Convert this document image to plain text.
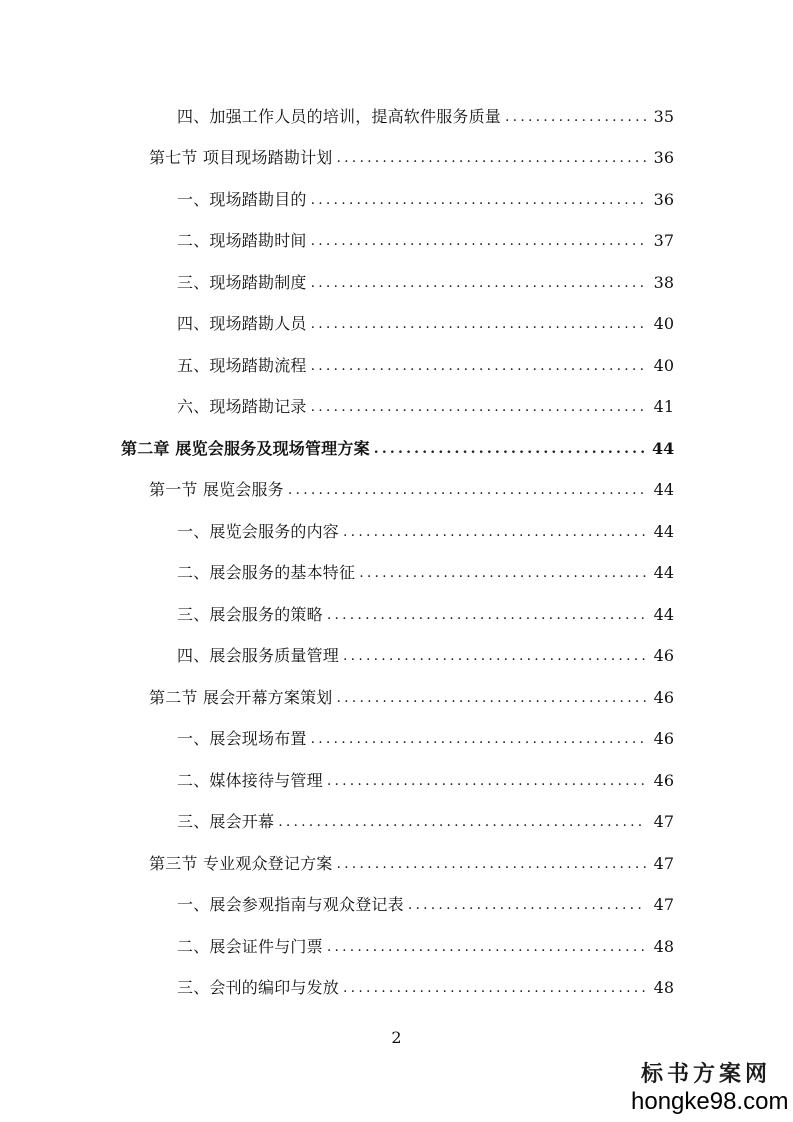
四、加强工作人员的培训，提高软件服务质量 .....	35
第七节 项目现场踏勘计划 .....	36
一、现场踏勘目的 .....	36
二、现场踏勘时间 .....	37
三、现场踏勘制度 .....	38
四、现场踏勘人员 .....	40
五、现场踏勘流程 .....	40
六、现场踏勘记录 .....	41
第二章 展览会服务及现场管理方案 .....	44
第一节 展览会服务 .....	44
一、展览会服务的内容 .....	44
二、展会服务的基本特征 .....	44
三、展会服务的策略 .....	44
四、展会服务质量管理 .....	46
第二节 展会开幕方案策划 .....	46
一、展会现场布置 .....	46
二、媒体接待与管理 .....	46
三、展会开幕 .....	47
第三节 专业观众登记方案 .....	47
一、展会参观指南与观众登记表 .....	47
二、展会证件与门票 .....	48
三、会刊的编印与发放 .....	48
2
标书方案网
hongke98.com
